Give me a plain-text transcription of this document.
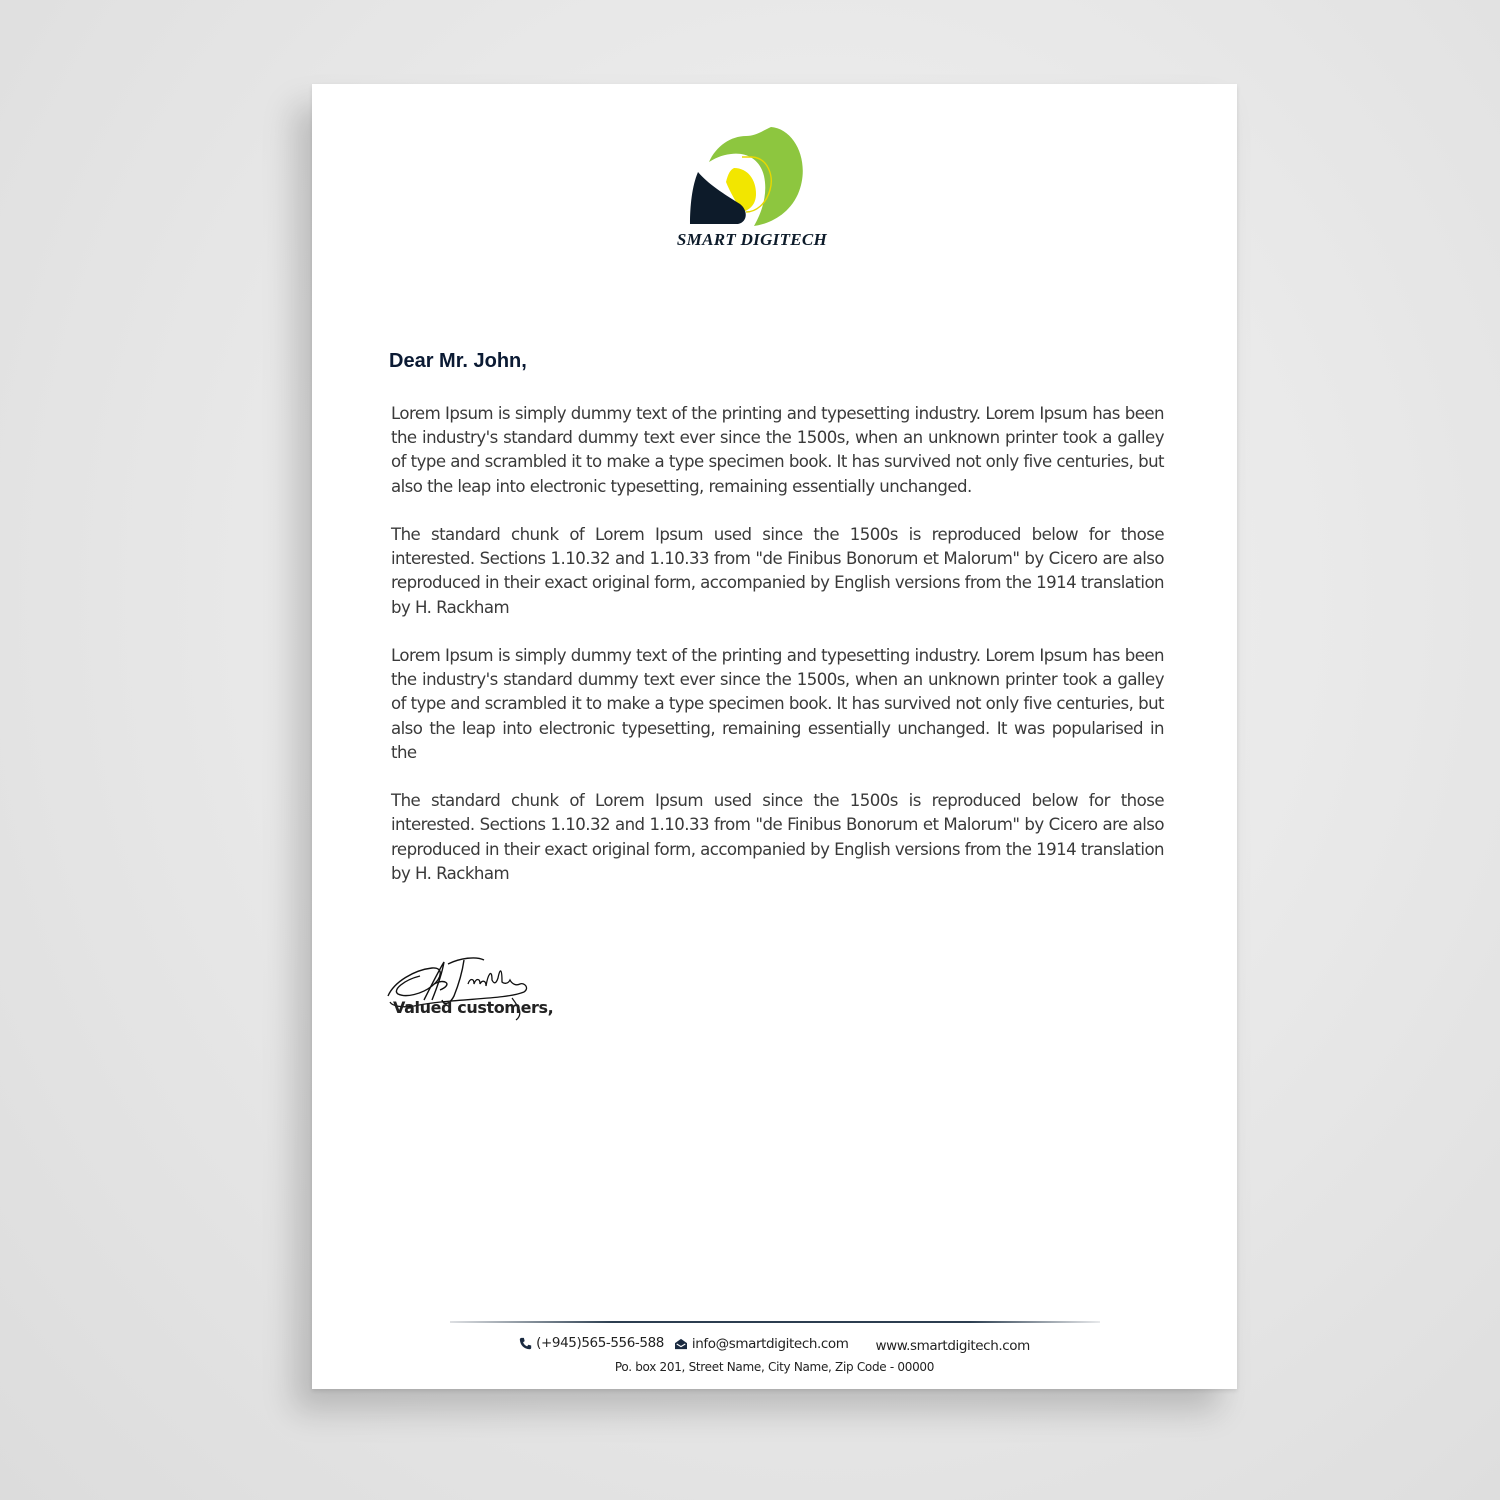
SMART DIGITECH
Dear Mr. John,

Lorem Ipsum is simply dummy text of the printing and typesetting industry. Lorem Ipsum has been the industry's standard dummy text ever since the 1500s, when an unknown printer took a galley of type and scrambled it to make a type specimen book. It has survived not only five centuries, but also the leap into electronic typesetting, remaining essentially unchanged.

The standard chunk of Lorem Ipsum used since the 1500s is reproduced below for those interested. Sections 1.10.32 and 1.10.33 from "de Finibus Bonorum et Malorum" by Cicero are also reproduced in their exact original form, accompanied by English versions from the 1914 translation by H. Rackham

Lorem Ipsum is simply dummy text of the printing and typesetting industry. Lorem Ipsum has been the industry's standard dummy text ever since the 1500s, when an unknown printer took a galley of type and scrambled it to make a type specimen book. It has survived not only five centuries, but also the leap into electronic typesetting, remaining essentially unchanged. It was popularised in the

The standard chunk of Lorem Ipsum used since the 1500s is reproduced below for those interested. Sections 1.10.32 and 1.10.33 from "de Finibus Bonorum et Malorum" by Cicero are also reproduced in their exact original form, accompanied by English versions from the 1914 translation by H. Rackham

Valued customers,
(+945)565-556-588
info@smartdigitech.com
www.smartdigitech.com
Po. box 201, Street Name, City Name, Zip Code - 00000
